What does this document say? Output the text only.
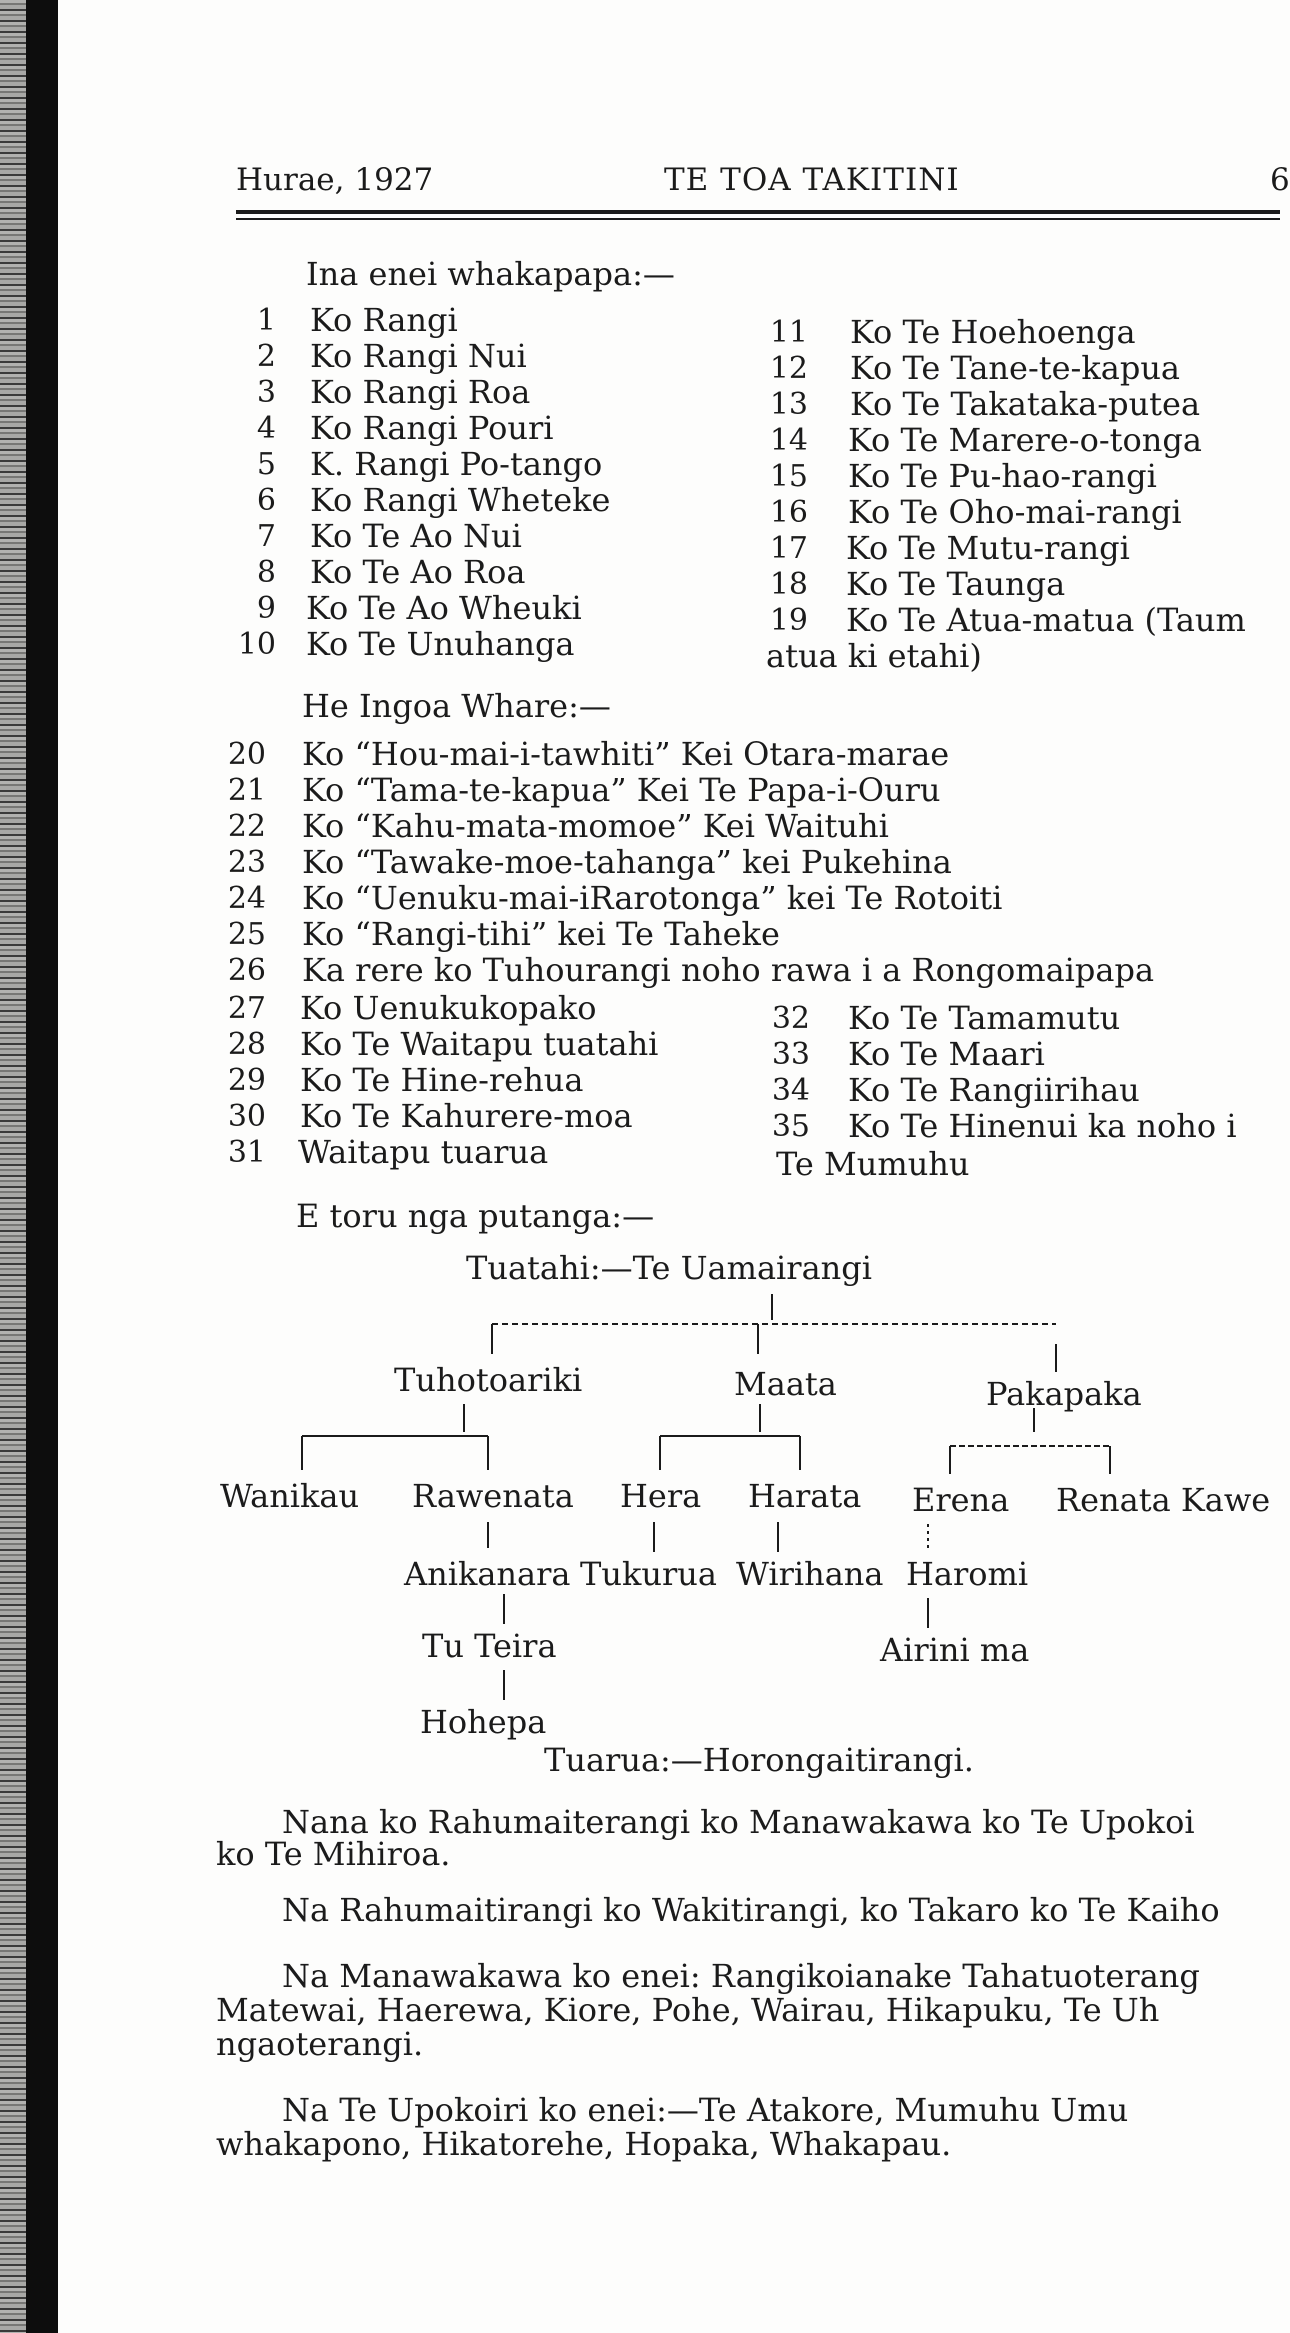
Hurae, 1927	TE TOA TAKITINI	6
Ina enei whakapapa:—
1 Ko Rangi
2 Ko Rangi Nui
3 Ko Rangi Roa
4 Ko Rangi Pouri
5 K. Rangi Po-tango
6 Ko Rangi Wheteke
7 Ko Te Ao Nui
8 Ko Te Ao Roa
9 Ko Te Ao Wheuki
10 Ko Te Unuhanga
11 Ko Te Hoehoenga
12 Ko Te Tane-te-kapua
13 Ko Te Takataka-putea
14 Ko Te Marere-o-tonga
15 Ko Te Pu-hao-rangi
16 Ko Te Oho-mai-rangi
17 Ko Te Mutu-rangi
18 Ko Te Taunga
19 Ko Te Atua-matua (Taum
atua ki etahi)
He Ingoa Whare:—
20 Ko “Hou-mai-i-tawhiti” Kei Otara-marae
21 Ko “Tama-te-kapua” Kei Te Papa-i-Ouru
22 Ko “Kahu-mata-momoe” Kei Waituhi
23 Ko “Tawake-moe-tahanga” kei Pukehina
24 Ko “Uenuku-mai-iRarotonga” kei Te Rotoiti
25 Ko “Rangi-tihi” kei Te Taheke
26 Ka rere ko Tuhourangi noho rawa i a Rongomaipapa
27 Ko Uenukukopako
28 Ko Te Waitapu tuatahi
29 Ko Te Hine-rehua
30 Ko Te Kahurere-moa
31 Waitapu tuarua
32 Ko Te Tamamutu
33 Ko Te Maari
34 Ko Te Rangiirihau
35 Ko Te Hinenui ka noho i
Te Mumuhu
E toru nga putanga:—
Tuatahi:—Te Uamairangi
Tuhotoariki	Maata	Pakapaka
Wanikau Rawenata Hera Harata Erena Renata Kawe
Anikanara Tukurua Wirihana Haromi
Tu Teira	Airini ma
Hohepa
Tuarua:—Horongaitirangi.
Nana ko Rahumaiterangi ko Manawakawa ko Te Upokoi
ko Te Mihiroa.
Na Rahumaitirangi ko Wakitirangi, ko Takaro ko Te Kaiho
Na Manawakawa ko enei: Rangikoianake Tahatuoterang
Matewai, Haerewa, Kiore, Pohe, Wairau, Hikapuku, Te Uh
ngaoterangi.
Na Te Upokoiri ko enei:—Te Atakore, Mumuhu Umu
whakapono, Hikatorehe, Hopaka, Whakapau.
